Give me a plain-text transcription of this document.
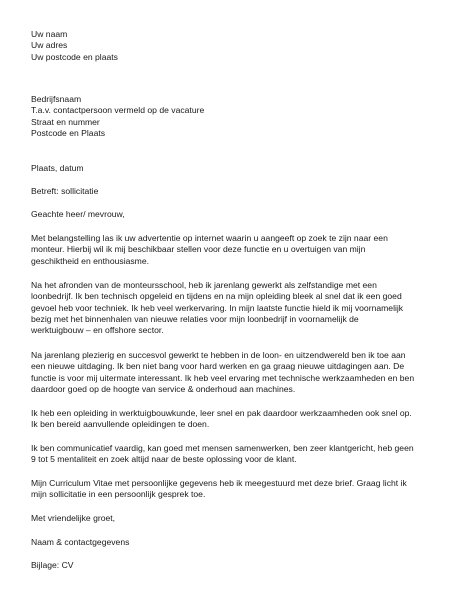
Uw naam
Uw adres
Uw postcode en plaats
Bedrijfsnaam
T.a.v. contactpersoon vermeld op de vacature
Straat en nummer
Postcode en Plaats
Plaats, datum
Betreft: sollicitatie
Geachte heer/ mevrouw,
Met belangstelling las ik uw advertentie op internet waarin u aangeeft op zoek te zijn naar een
monteur. Hierbij wil ik mij beschikbaar stellen voor deze functie en u overtuigen van mijn
geschiktheid en enthousiasme.
Na het afronden van de monteursschool, heb ik jarenlang gewerkt als zelfstandige met een
loonbedrijf. Ik ben technisch opgeleid en tijdens en na mijn opleiding bleek al snel dat ik een goed
gevoel heb voor techniek. Ik heb veel werkervaring. In mijn laatste functie hield ik mij voornamelijk
bezig met het binnenhalen van nieuwe relaties voor mijn loonbedrijf in voornamelijk de
werktuigbouw – en offshore sector.
Na jarenlang plezierig en succesvol gewerkt te hebben in de loon- en uitzendwereld ben ik toe aan
een nieuwe uitdaging. Ik ben niet bang voor hard werken en ga graag nieuwe uitdagingen aan. De
functie is voor mij uitermate interessant. Ik heb veel ervaring met technische werkzaamheden en ben
daardoor goed op de hoogte van service & onderhoud aan machines.
Ik heb een opleiding in werktuigbouwkunde, leer snel en pak daardoor werkzaamheden ook snel op.
Ik ben bereid aanvullende opleidingen te doen.
Ik ben communicatief vaardig, kan goed met mensen samenwerken, ben zeer klantgericht, heb geen
9 tot 5 mentaliteit en zoek altijd naar de beste oplossing voor de klant.
Mijn Curriculum Vitae met persoonlijke gegevens heb ik meegestuurd met deze brief. Graag licht ik
mijn sollicitatie in een persoonlijk gesprek toe.
Met vriendelijke groet,
Naam & contactgegevens
Bijlage: CV
